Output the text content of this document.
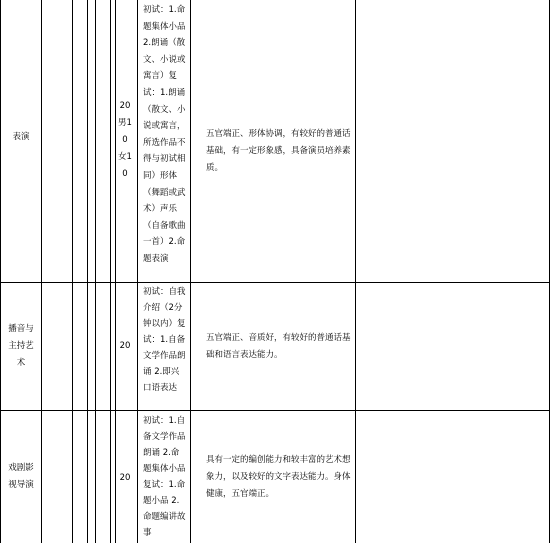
表演
20
男1
0
女1
0
初试：1.命题集体小品 2.朗诵（散文、小说或寓言）复试：1.朗诵（散文、小说或寓言，所选作品不得与初试相同）形体（舞蹈或武术）声乐（自备歌曲一首）2.命题表演
五官端正、形体协调，有较好的普通话基础，有一定形象感，具备演员培养素质。
播音与主持艺术
20
初试：自我介绍（2分钟以内）复试：1.自备文学作品朗诵 2.即兴口语表达
五官端正、音质好，有较好的普通话基础和语言表达能力。
戏剧影视导演
20
初试：1.自备文学作品朗诵 2.命题集体小品复试：1.命题小品 2.命题编讲故事
具有一定的编创能力和较丰富的艺术想象力，以及较好的文字表达能力。身体健康，五官端正。
